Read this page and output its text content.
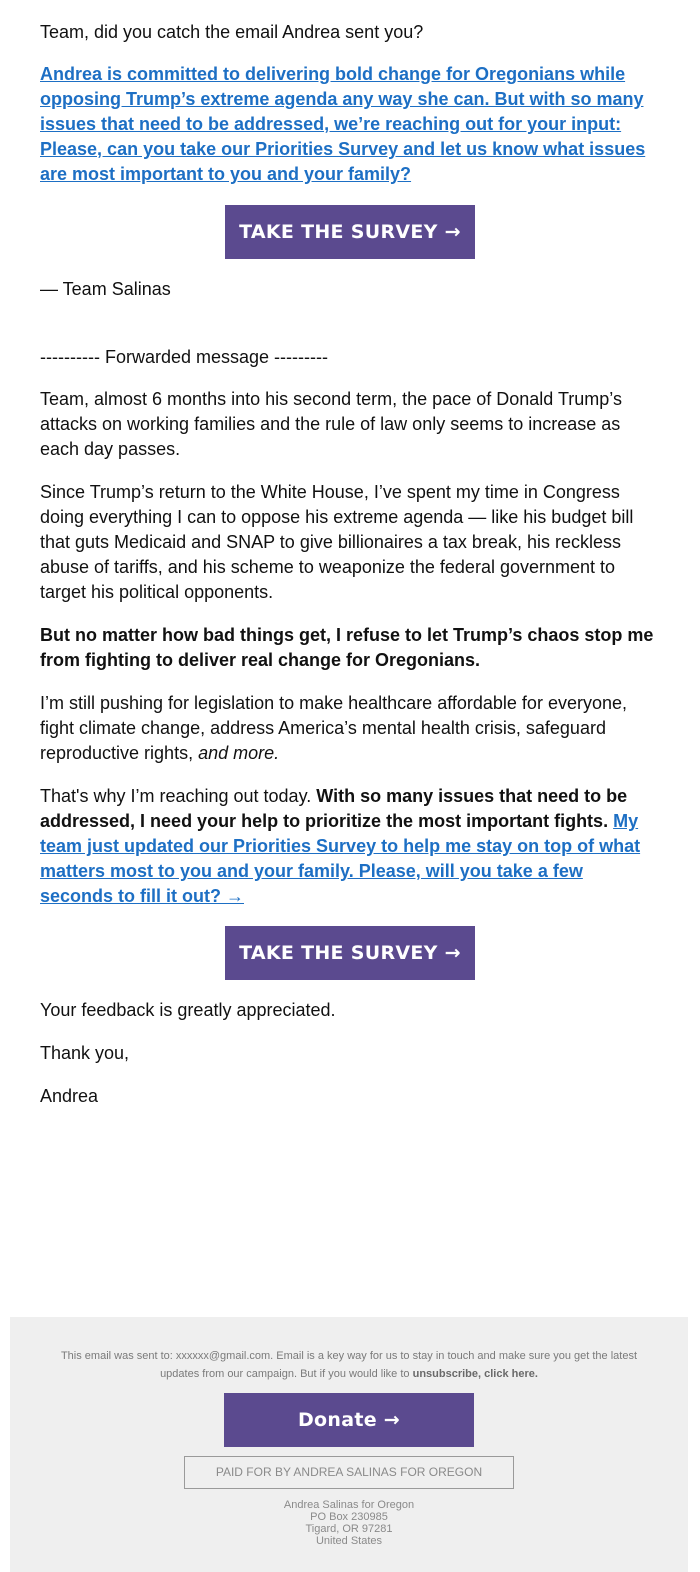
Team, did you catch the email Andrea sent you?

Andrea is committed to delivering bold change for Oregonians while opposing Trump’s extreme agenda any way she can. But with so many issues that need to be addressed, we’re reaching out for your input: Please, can you take our Priorities Survey and let us know what issues are most important to you and your family?

TAKE THE SURVEY →

— Team Salinas

---------- Forwarded message ---------

Team, almost 6 months into his second term, the pace of Donald Trump’s attacks on working families and the rule of law only seems to increase as each day passes.

Since Trump’s return to the White House, I’ve spent my time in Congress doing everything I can to oppose his extreme agenda — like his budget bill that guts Medicaid and SNAP to give billionaires a tax break, his reckless abuse of tariffs, and his scheme to weaponize the federal government to target his political opponents.

But no matter how bad things get, I refuse to let Trump’s chaos stop me from fighting to deliver real change for Oregonians.

I’m still pushing for legislation to make healthcare affordable for everyone, fight climate change, address America’s mental health crisis, safeguard reproductive rights, and more.

That's why I’m reaching out today. With so many issues that need to be addressed, I need your help to prioritize the most important fights. My team just updated our Priorities Survey to help me stay on top of what matters most to you and your family. Please, will you take a few seconds to fill it out? →

TAKE THE SURVEY →

Your feedback is greatly appreciated.

Thank you,

Andrea

This email was sent to: xxxxxx@gmail.com. Email is a key way for us to stay in touch and make sure you get the latest updates from our campaign. But if you would like to unsubscribe, click here.
Donate →
PAID FOR BY ANDREA SALINAS FOR OREGON
Andrea Salinas for Oregon
PO Box 230985
Tigard, OR 97281
United States
